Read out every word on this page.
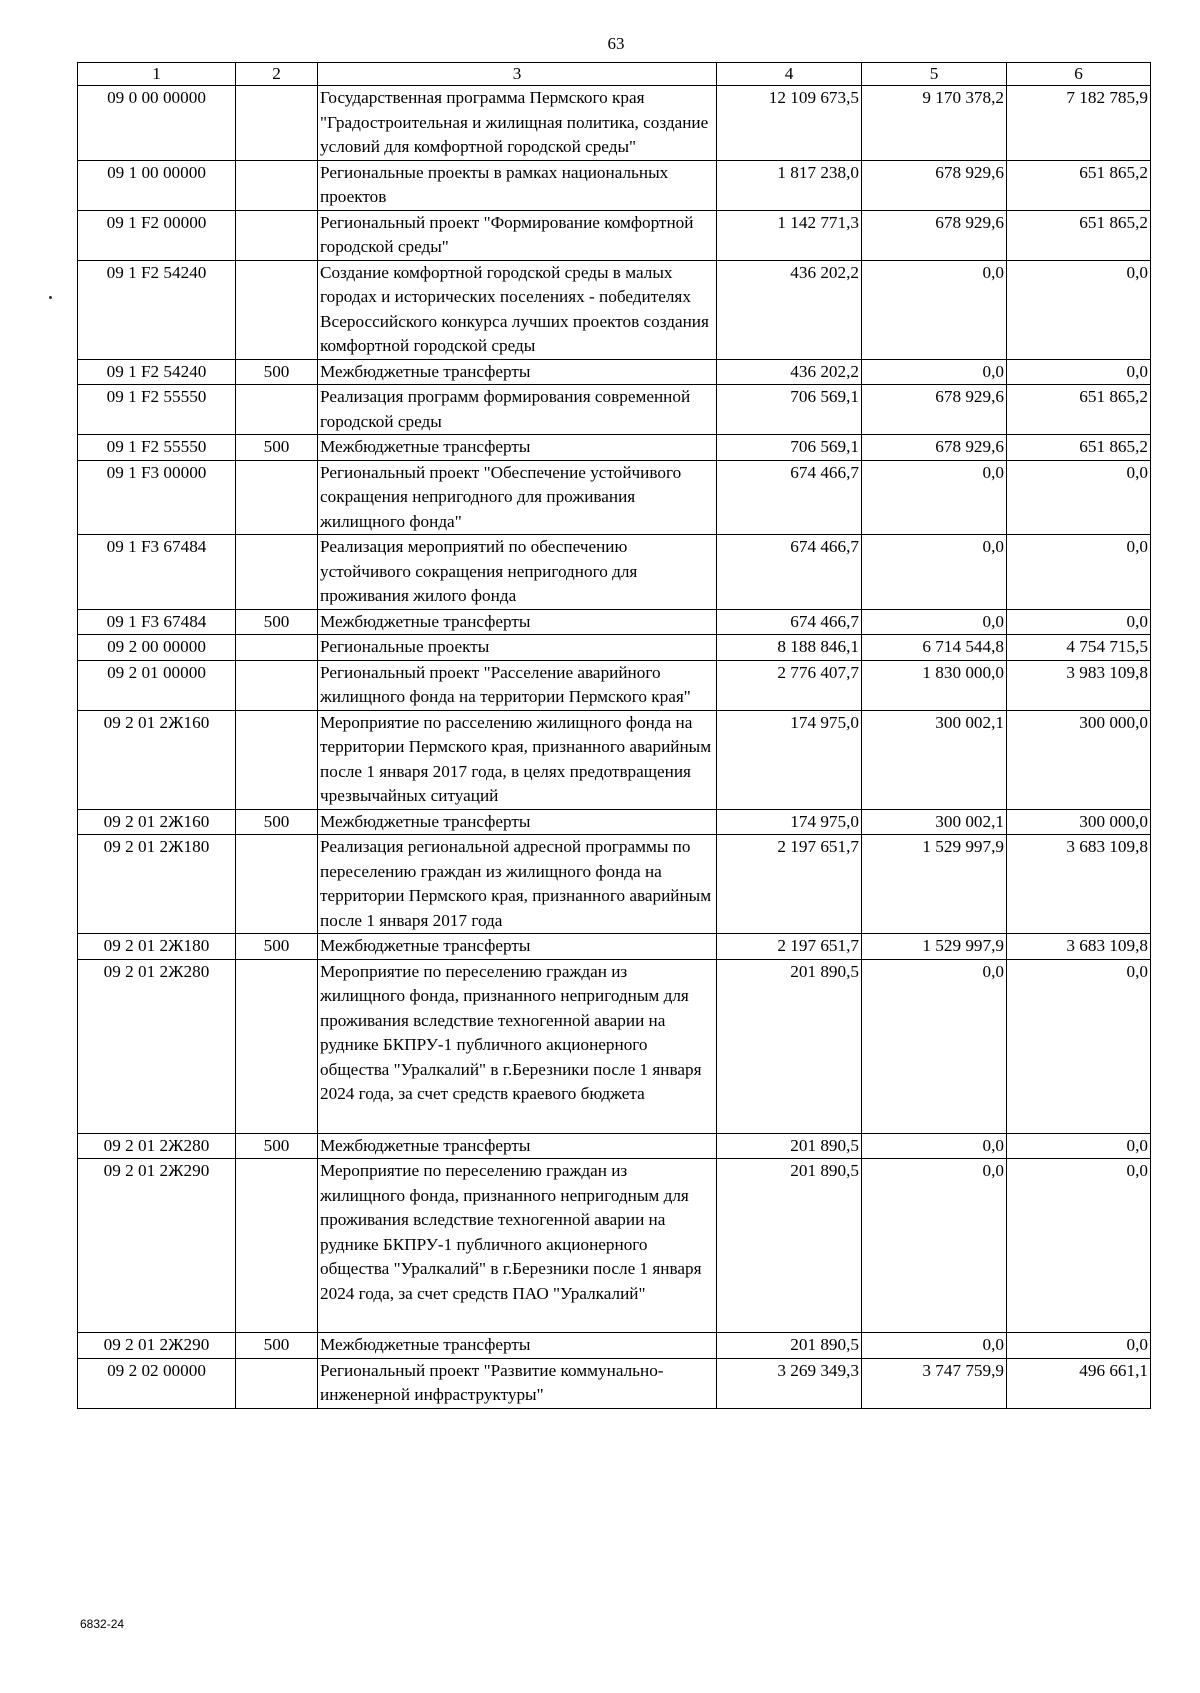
63
1	2	3	4	5	6
09 0 00 00000		Государственная программа Пермского края "Градостроительная и жилищная политика, создание условий для комфортной городской среды"	12 109 673,5	9 170 378,2	7 182 785,9
09 1 00 00000		Региональные проекты в рамках национальных проектов	1 817 238,0	678 929,6	651 865,2
09 1 F2 00000		Региональный проект "Формирование комфортной городской среды"	1 142 771,3	678 929,6	651 865,2
09 1 F2 54240		Создание комфортной городской среды в малых городах и исторических поселениях - победителях Всероссийского конкурса лучших проектов создания комфортной городской среды	436 202,2	0,0	0,0
09 1 F2 54240	500	Межбюджетные трансферты	436 202,2	0,0	0,0
09 1 F2 55550		Реализация программ формирования современной городской среды	706 569,1	678 929,6	651 865,2
09 1 F2 55550	500	Межбюджетные трансферты	706 569,1	678 929,6	651 865,2
09 1 F3 00000		Региональный проект "Обеспечение устойчивого сокращения непригодного для проживания жилищного фонда"	674 466,7	0,0	0,0
09 1 F3 67484		Реализация мероприятий по обеспечению устойчивого сокращения непригодного для проживания жилого фонда	674 466,7	0,0	0,0
09 1 F3 67484	500	Межбюджетные трансферты	674 466,7	0,0	0,0
09 2 00 00000		Региональные проекты	8 188 846,1	6 714 544,8	4 754 715,5
09 2 01 00000		Региональный проект "Расселение аварийного жилищного фонда на территории Пермского края"	2 776 407,7	1 830 000,0	3 983 109,8
09 2 01 2Ж160		Мероприятие по расселению жилищного фонда на территории Пермского края, признанного аварийным после 1 января 2017 года, в целях предотвращения чрезвычайных ситуаций	174 975,0	300 002,1	300 000,0
09 2 01 2Ж160	500	Межбюджетные трансферты	174 975,0	300 002,1	300 000,0
09 2 01 2Ж180		Реализация региональной адресной программы по переселению граждан из жилищного фонда на территории Пермского края, признанного аварийным после 1 января 2017 года	2 197 651,7	1 529 997,9	3 683 109,8
09 2 01 2Ж180	500	Межбюджетные трансферты	2 197 651,7	1 529 997,9	3 683 109,8
09 2 01 2Ж280		Мероприятие по переселению граждан из жилищного фонда, признанного непригодным для проживания вследствие техногенной аварии на руднике БКПРУ-1 публичного акционерного общества "Уралкалий" в г.Березники после 1 января 2024 года, за счет средств краевого бюджета	201 890,5	0,0	0,0
09 2 01 2Ж280	500	Межбюджетные трансферты	201 890,5	0,0	0,0
09 2 01 2Ж290		Мероприятие по переселению граждан из жилищного фонда, признанного непригодным для проживания вследствие техногенной аварии на руднике БКПРУ-1 публичного акционерного общества "Уралкалий" в г.Березники после 1 января 2024 года, за счет средств ПАО "Уралкалий"	201 890,5	0,0	0,0
09 2 01 2Ж290	500	Межбюджетные трансферты	201 890,5	0,0	0,0
09 2 02 00000		Региональный проект "Развитие коммунально-инженерной инфраструктуры"	3 269 349,3	3 747 759,9	496 661,1
6832-24
